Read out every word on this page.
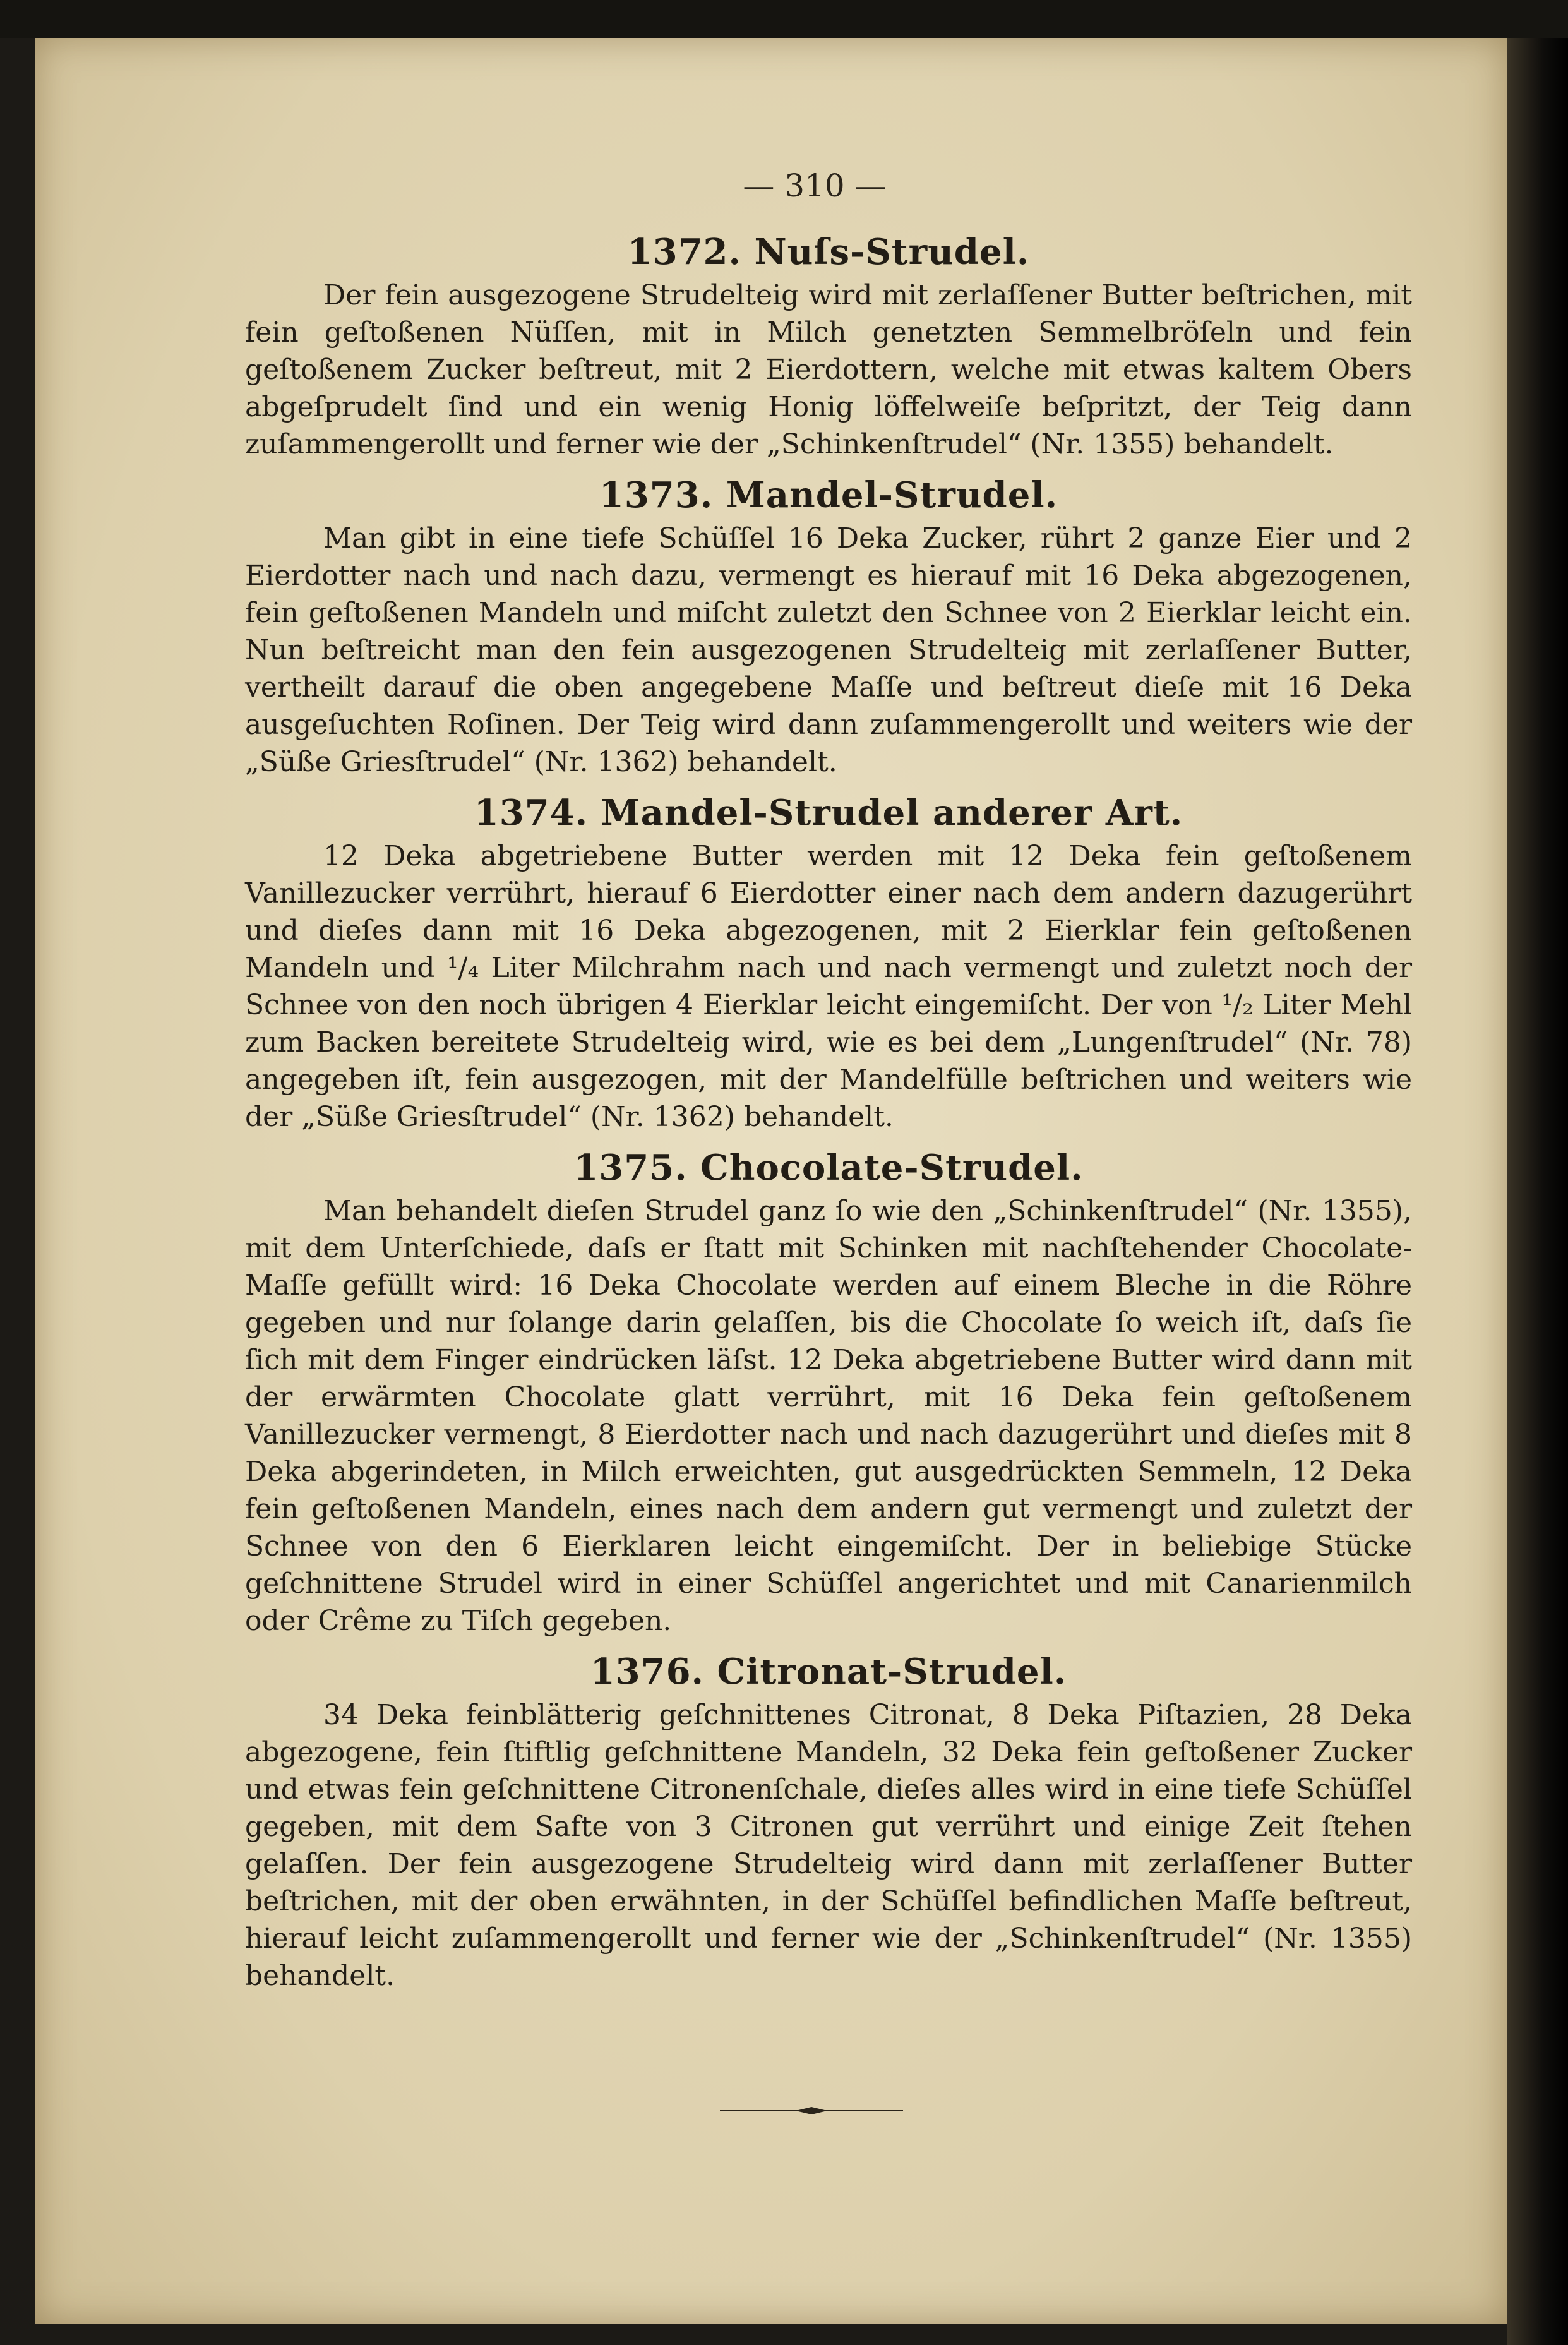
— 310 —
1372. Nuſs-Strudel.

Der fein ausgezogene Strudelteig wird mit zerlaſſener Butter beſtrichen, mit fein geſtoßenen Nüſſen, mit in Milch genetzten Semmelbröſeln und fein geſtoßenem Zucker beſtreut, mit 2 Eierdottern, welche mit etwas kaltem Obers abgeſprudelt ſind und ein wenig Honig löffelweiſe beſpritzt, der Teig dann zuſammengerollt und ferner wie der „Schinkenſtrudel“ (Nr. 1355) behandelt.

1373. Mandel-Strudel.

Man gibt in eine tiefe Schüſſel 16 Deka Zucker, rührt 2 ganze Eier und 2 Eierdotter nach und nach dazu, vermengt es hierauf mit 16 Deka abgezogenen, fein geſtoßenen Mandeln und miſcht zuletzt den Schnee von 2 Eierklar leicht ein. Nun beſtreicht man den fein ausgezogenen Strudelteig mit zerlaſſener Butter, vertheilt darauf die oben angegebene Maſſe und beſtreut dieſe mit 16 Deka ausgeſuchten Roſinen. Der Teig wird dann zuſammengerollt und weiters wie der „Süße Griesſtrudel“ (Nr. 1362) behandelt.

1374. Mandel-Strudel anderer Art.

12 Deka abgetriebene Butter werden mit 12 Deka fein geſtoßenem Vanillezucker verrührt, hierauf 6 Eierdotter einer nach dem andern dazugerührt und dieſes dann mit 16 Deka abgezogenen, mit 2 Eierklar fein geſtoßenen Mandeln und ¹/₄ Liter Milchrahm nach und nach vermengt und zuletzt noch der Schnee von den noch übrigen 4 Eierklar leicht eingemiſcht. Der von ¹/₂ Liter Mehl zum Backen bereitete Strudelteig wird, wie es bei dem „Lungenſtrudel“ (Nr. 78) angegeben iſt, fein ausgezogen, mit der Mandelfülle beſtrichen und weiters wie der „Süße Griesſtrudel“ (Nr. 1362) behandelt.

1375. Chocolate-Strudel.

Man behandelt dieſen Strudel ganz ſo wie den „Schinkenſtrudel“ (Nr. 1355), mit dem Unterſchiede, daſs er ſtatt mit Schinken mit nachſtehender Chocolate-Maſſe gefüllt wird: 16 Deka Chocolate werden auf einem Bleche in die Röhre gegeben und nur ſolange darin gelaſſen, bis die Chocolate ſo weich iſt, daſs ſie ſich mit dem Finger eindrücken läſst. 12 Deka abgetriebene Butter wird dann mit der erwärmten Chocolate glatt verrührt, mit 16 Deka fein geſtoßenem Vanillezucker vermengt, 8 Eierdotter nach und nach dazugerührt und dieſes mit 8 Deka abgerindeten, in Milch erweichten, gut ausgedrückten Semmeln, 12 Deka fein geſtoßenen Mandeln, eines nach dem andern gut vermengt und zuletzt der Schnee von den 6 Eierklaren leicht eingemiſcht. Der in beliebige Stücke geſchnittene Strudel wird in einer Schüſſel angerichtet und mit Canarienmilch oder Crême zu Tiſch gegeben.

1376. Citronat-Strudel.

34 Deka feinblätterig geſchnittenes Citronat, 8 Deka Piſtazien, 28 Deka abgezogene, fein ſtiftlig geſchnittene Mandeln, 32 Deka fein geſtoßener Zucker und etwas fein geſchnittene Citronenſchale, dieſes alles wird in eine tiefe Schüſſel gegeben, mit dem Safte von 3 Citronen gut verrührt und einige Zeit ſtehen gelaſſen. Der fein ausgezogene Strudelteig wird dann mit zerlaſſener Butter beſtrichen, mit der oben erwähnten, in der Schüſſel befindlichen Maſſe beſtreut, hierauf leicht zuſammengerollt und ferner wie der „Schinkenſtrudel“ (Nr. 1355) behandelt.
